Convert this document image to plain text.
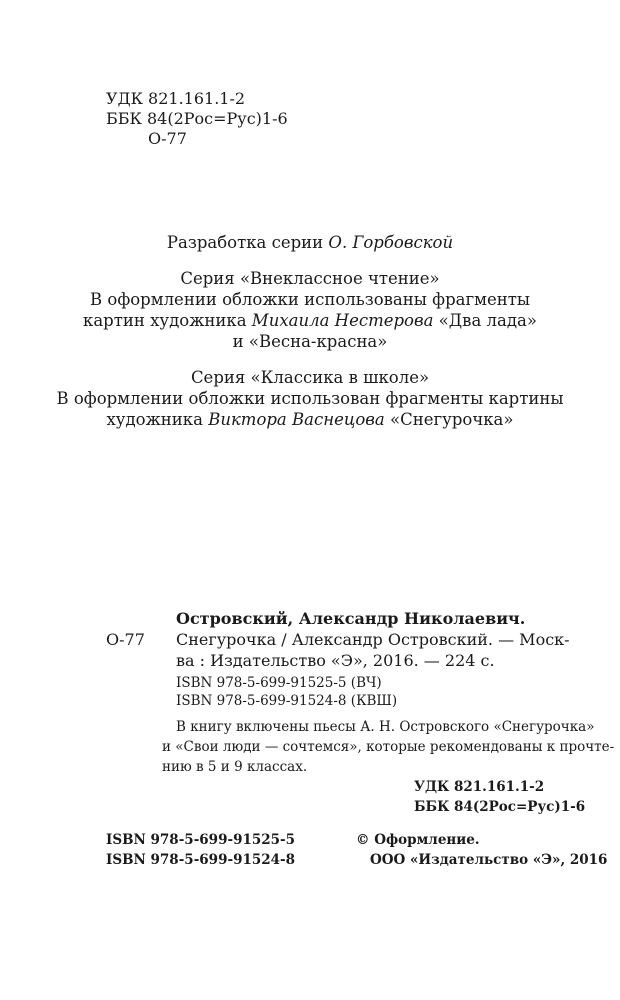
УДК 821.161.1-2
ББК 84(2Рос=Рус)1-6
О-77
Разработка серии О. Горбовской
Серия «Внеклассное чтение»
В оформлении обложки использованы фрагменты
картин художника Михаила Нестерова «Два лада»
и «Весна-красна»
Серия «Классика в школе»
В оформлении обложки использован фрагменты картины
художника Виктора Васнецова «Снегурочка»
Островский, Александр Николаевич.
О-77 Снегурочка / Александр Островский. — Моск-
ва : Издательство «Э», 2016. — 224 с.
ISBN 978-5-699-91525-5 (ВЧ)
ISBN 978-5-699-91524-8 (КВШ)
В книгу включены пьесы А. Н. Островского «Снегурочка»
и «Свои люди — сочтемся», которые рекомендованы к прочте-
нию в 5 и 9 классах.
УДК 821.161.1-2
ББК 84(2Рос=Рус)1-6
ISBN 978-5-699-91525-5
ISBN 978-5-699-91524-8
© Оформление.
ООО «Издательство «Э», 2016
